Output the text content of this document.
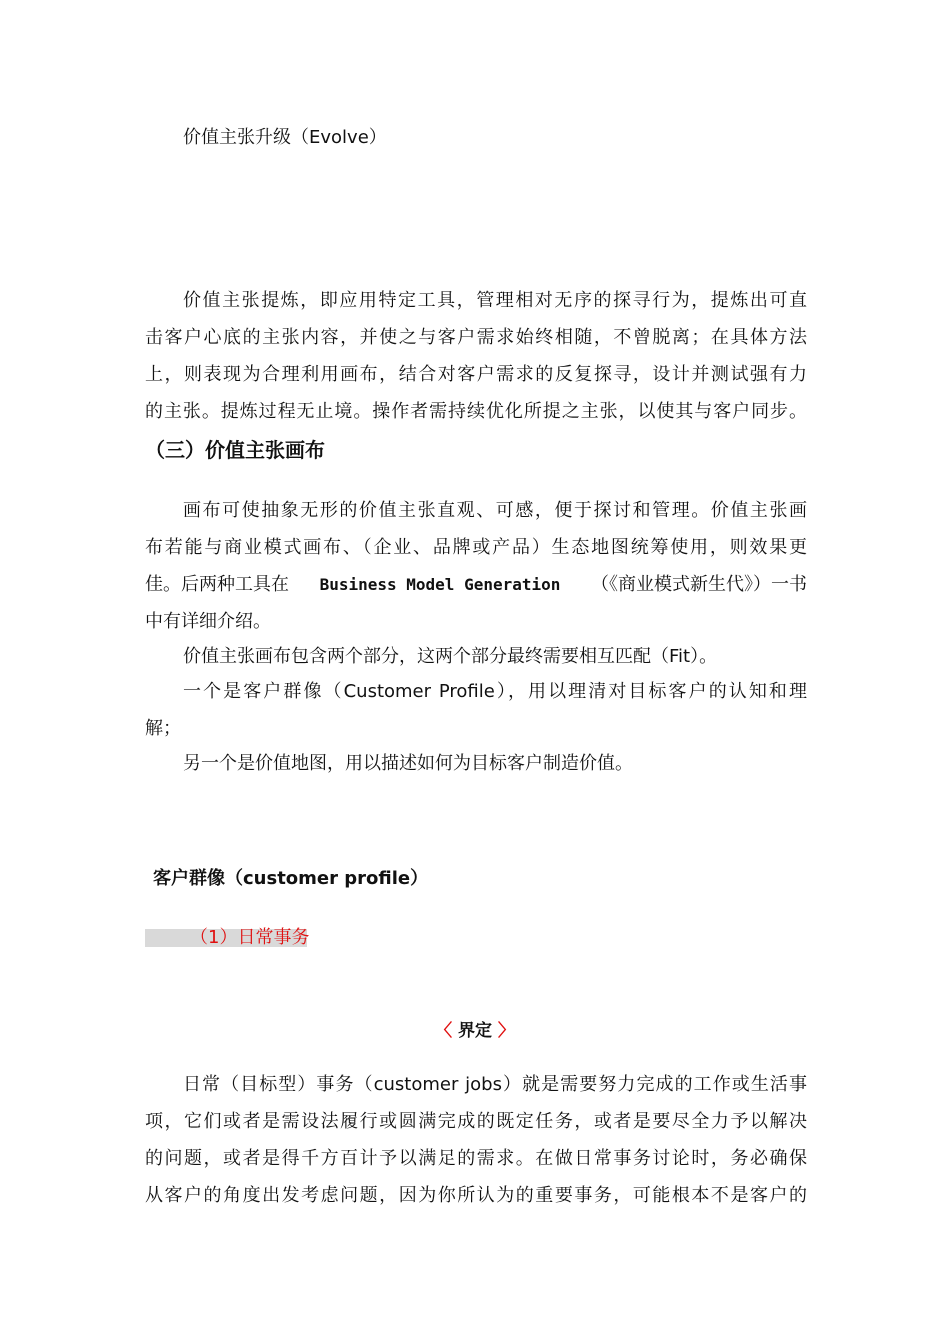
价值主张升级（Evolve）
价值主张提炼，即应用特定工具，管理相对无序的探寻行为，提炼出可直
击客户心底的主张内容，并使之与客户需求始终相随，不曾脱离；在具体方法
上，则表现为合理利用画布，结合对客户需求的反复探寻，设计并测试强有力
的主张。提炼过程无止境。操作者需持续优化所提之主张，以使其与客户同步。
（三）价值主张画布
画布可使抽象无形的价值主张直观、可感，便于探讨和管理。价值主张画
布若能与商业模式画布、（企业、品牌或产品）生态地图统筹使用，则效果更
佳。后两种工具在 Business Model Generation （《商业模式新生代》）一书
中有详细介绍。
价值主张画布包含两个部分，这两个部分最终需要相互匹配（Fit）。
一个是客户群像（Customer Profile），用以理清对目标客户的认知和理
解；
另一个是价值地图，用以描述如何为目标客户制造价值。
客户群像（customer profile）
（1）日常事务
〈 界定 〉
日常（目标型）事务（customer jobs）就是需要努力完成的工作或生活事
项，它们或者是需设法履行或圆满完成的既定任务，或者是要尽全力予以解决
的问题，或者是得千方百计予以满足的需求。在做日常事务讨论时，务必确保
从客户的角度出发考虑问题，因为你所认为的重要事务，可能根本不是客户的
